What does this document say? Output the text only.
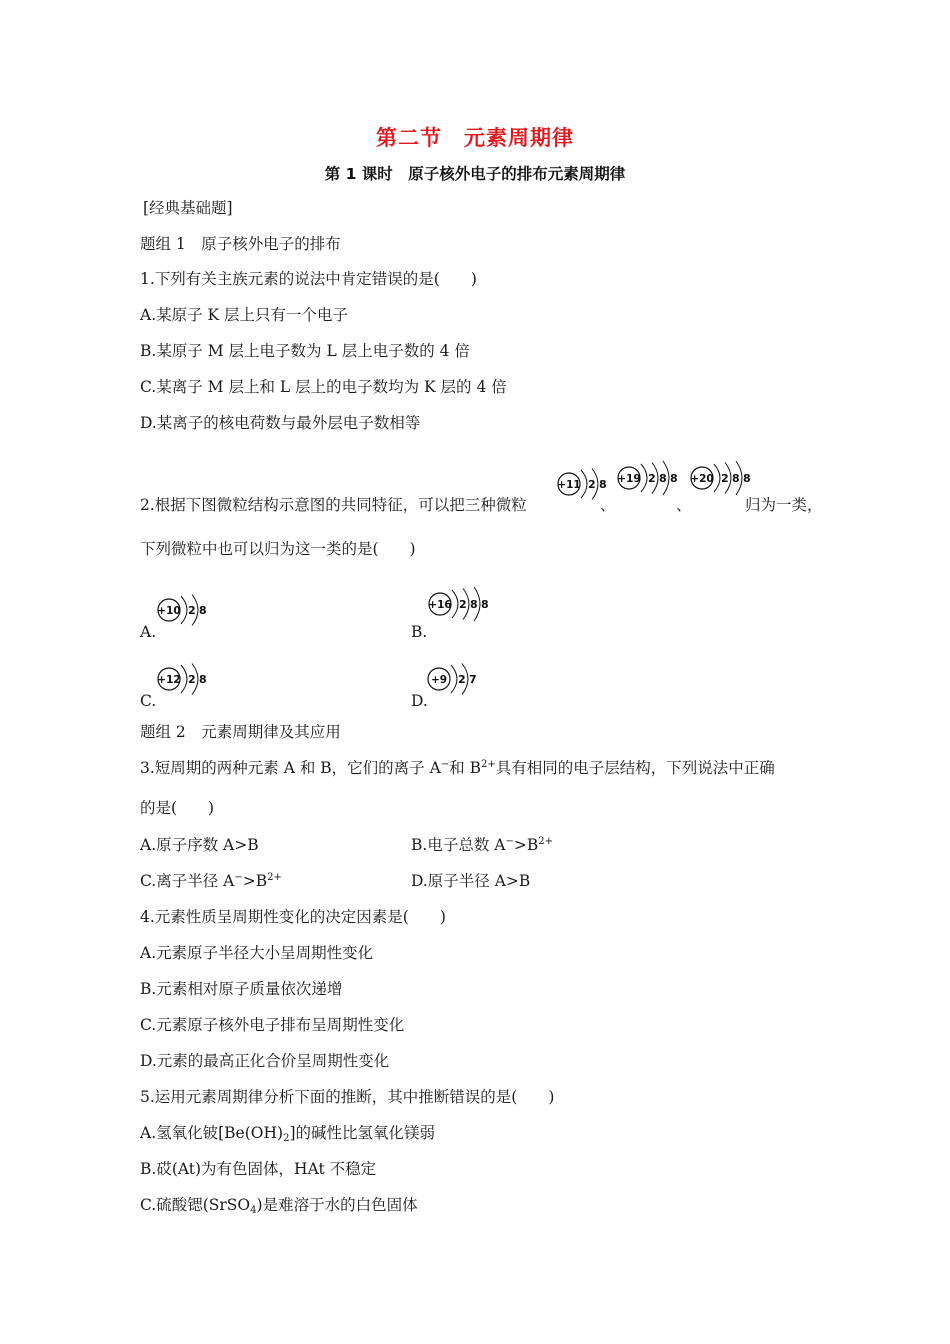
第二节　元素周期律
第 1 课时　原子核外电子的排布元素周期律
[经典基础题]
题组 1　原子核外电子的排布
1.下列有关主族元素的说法中肯定错误的是(　　)
A.某原子 K 层上只有一个电子
B.某原子 M 层上电子数为 L 层上电子数的 4 倍
C.某离子 M 层上和 L 层上的电子数均为 K 层的 4 倍
D.某离子的核电荷数与最外层电子数相等
2.根据下图微粒结构示意图的共同特征，可以把三种微粒
+11 2 8
、
+19 2 8 8
、
+20 2 8 8
归为一类，
下列微粒中也可以归为这一类的是(　　)
A.
+10 2 8
B.
+16 2 8 8
C.
+12 2 8
D.
+9 2 7
题组 2　元素周期律及其应用
3.短周期的两种元素 A 和 B，它们的离子 A−和 $B^{2+}$具有相同的电子层结构，下列说法中正确
的是(　　)
A.原子序数 A>B	B.电子总数 $A^->B^{2+}$
C.离子半径 $A^->B^{2+}$	D.原子半径 A>B
4.元素性质呈周期性变化的决定因素是(　　)
A.元素原子半径大小呈周期性变化
B.元素相对原子质量依次递增
C.元素原子核外电子排布呈周期性变化
D.元素的最高正化合价呈周期性变化
5.运用元素周期律分析下面的推断，其中推断错误的是(　　)
A.氢氧化铍$[Be(OH)_2]$的碱性比氢氧化镁弱
B.砹(At)为有色固体，HAt 不稳定
C.硫酸锶(SrSO$_4$)是难溶于水的白色固体
